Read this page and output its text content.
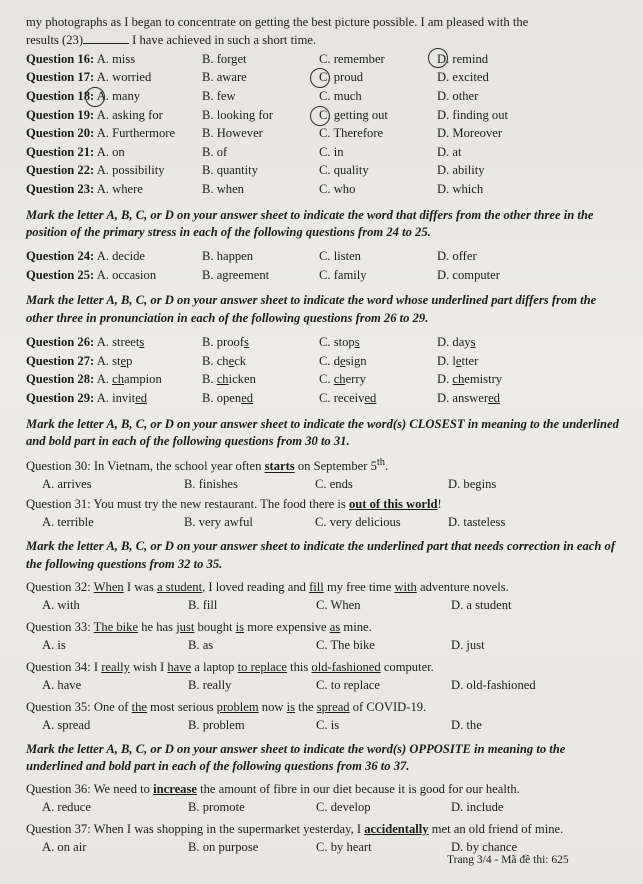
my photographs as I began to concentrate on getting the best picture possible. I am pleased with the

results (23)	I have achieved in such a short time.

Question 16: A. miss	B. forget	C. remember	D. remind
Question 17: A. worried	B. aware	C. proud	D. excited
Question 18: A. many	B. few	C. much	D. other
Question 19: A. asking for	B. looking for	C. getting out	D. finding out
Question 20: A. Furthermore	B. However	C. Therefore	D. Moreover
Question 21: A. on	B. of	C. in	D. at
Question 22: A. possibility	B. quantity	C. quality	D. ability
Question 23: A. where	B. when	C. who	D. which

Mark the letter A, B, C, or D on your answer sheet to indicate the word that differs from the other three in the position of the primary stress in each of the following questions from 24 to 25.

Question 24: A. decide	B. happen	C. listen	D. offer
Question 25: A. occasion	B. agreement	C. family	D. computer

Mark the letter A, B, C, or D on your answer sheet to indicate the word whose underlined part differs from the other three in pronunciation in each of the following questions from 26 to 29.

Question 26: A. streets	B. proofs	C. stops	D. days
Question 27: A. step	B. check	C. design	D. letter
Question 28: A. champion	B. chicken	C. cherry	D. chemistry
Question 29: A. invited	B. opened	C. received	D. answered

Mark the letter A, B, C, or D on your answer sheet to indicate the word(s) CLOSEST in meaning to the underlined and bold part in each of the following questions from 30 to 31.

Question 30: In Vietnam, the school year often starts on September 5th.

A. arrives	B. finishes	C. ends	D. begins

Question 31: You must try the new restaurant. The food there is out of this world!

A. terrible	B. very awful	C. very delicious	D. tasteless

Mark the letter A, B, C, or D on your answer sheet to indicate the underlined part that needs correction in each of the following questions from 32 to 35.

Question 32: When I was a student, I loved reading and fill my free time with adventure novels.

A. with	B. fill	C. When	D. a student

Question 33: The bike he has just bought is more expensive as mine.

A. is	B. as	C. The bike	D. just

Question 34: I really wish I have a laptop to replace this old-fashioned computer.

A. have	B. really	C. to replace	D. old-fashioned

Question 35: One of the most serious problem now is the spread of COVID-19.

A. spread	B. problem	C. is	D. the

Mark the letter A, B, C, or D on your answer sheet to indicate the word(s) OPPOSITE in meaning to the underlined and bold part in each of the following questions from 36 to 37.

Question 36: We need to increase the amount of fibre in our diet because it is good for our health.

A. reduce	B. promote	C. develop	D. include

Question 37: When I was shopping in the supermarket yesterday, I accidentally met an old friend of mine.

A. on air	B. on purpose	C. by heart	D. by chance
Trang 3/4 - Mã đề thi: 625
